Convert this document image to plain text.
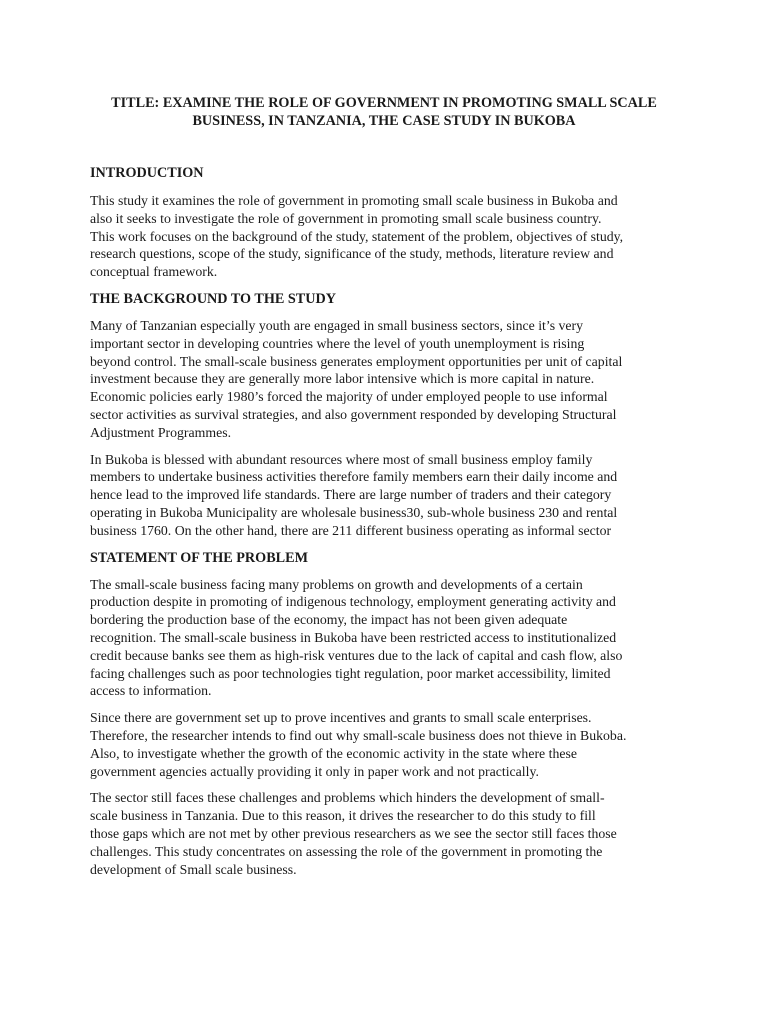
TITLE: EXAMINE THE ROLE OF GOVERNMENT IN PROMOTING SMALL SCALE
BUSINESS, IN TANZANIA, THE CASE STUDY IN BUKOBA
INTRODUCTION

This study it examines the role of government in promoting small scale business in Bukoba and
also it seeks to investigate the role of government in promoting small scale business country.
This work focuses on the background of the study, statement of the problem, objectives of study,
research questions, scope of the study, significance of the study, methods, literature review and
conceptual framework.

THE BACKGROUND TO THE STUDY

Many of Tanzanian especially youth are engaged in small business sectors, since it’s very
important sector in developing countries where the level of youth unemployment is rising
beyond control. The small-scale business generates employment opportunities per unit of capital
investment because they are generally more labor intensive which is more capital in nature.
Economic policies early 1980’s forced the majority of under employed people to use informal
sector activities as survival strategies, and also government responded by developing Structural
Adjustment Programmes.

In Bukoba is blessed with abundant resources where most of small business employ family
members to undertake business activities therefore family members earn their daily income and
hence lead to the improved life standards. There are large number of traders and their category
operating in Bukoba Municipality are wholesale business30, sub-whole business 230 and rental
business 1760. On the other hand, there are 211 different business operating as informal sector

STATEMENT OF THE PROBLEM

The small-scale business facing many problems on growth and developments of a certain
production despite in promoting of indigenous technology, employment generating activity and
bordering the production base of the economy, the impact has not been given adequate
recognition. The small-scale business in Bukoba have been restricted access to institutionalized
credit because banks see them as high-risk ventures due to the lack of capital and cash flow, also
facing challenges such as poor technologies tight regulation, poor market accessibility, limited
access to information.

Since there are government set up to prove incentives and grants to small scale enterprises.
Therefore, the researcher intends to find out why small-scale business does not thieve in Bukoba.
Also, to investigate whether the growth of the economic activity in the state where these
government agencies actually providing it only in paper work and not practically.

The sector still faces these challenges and problems which hinders the development of small-
scale business in Tanzania. Due to this reason, it drives the researcher to do this study to fill
those gaps which are not met by other previous researchers as we see the sector still faces those
challenges. This study concentrates on assessing the role of the government in promoting the
development of Small scale business.
